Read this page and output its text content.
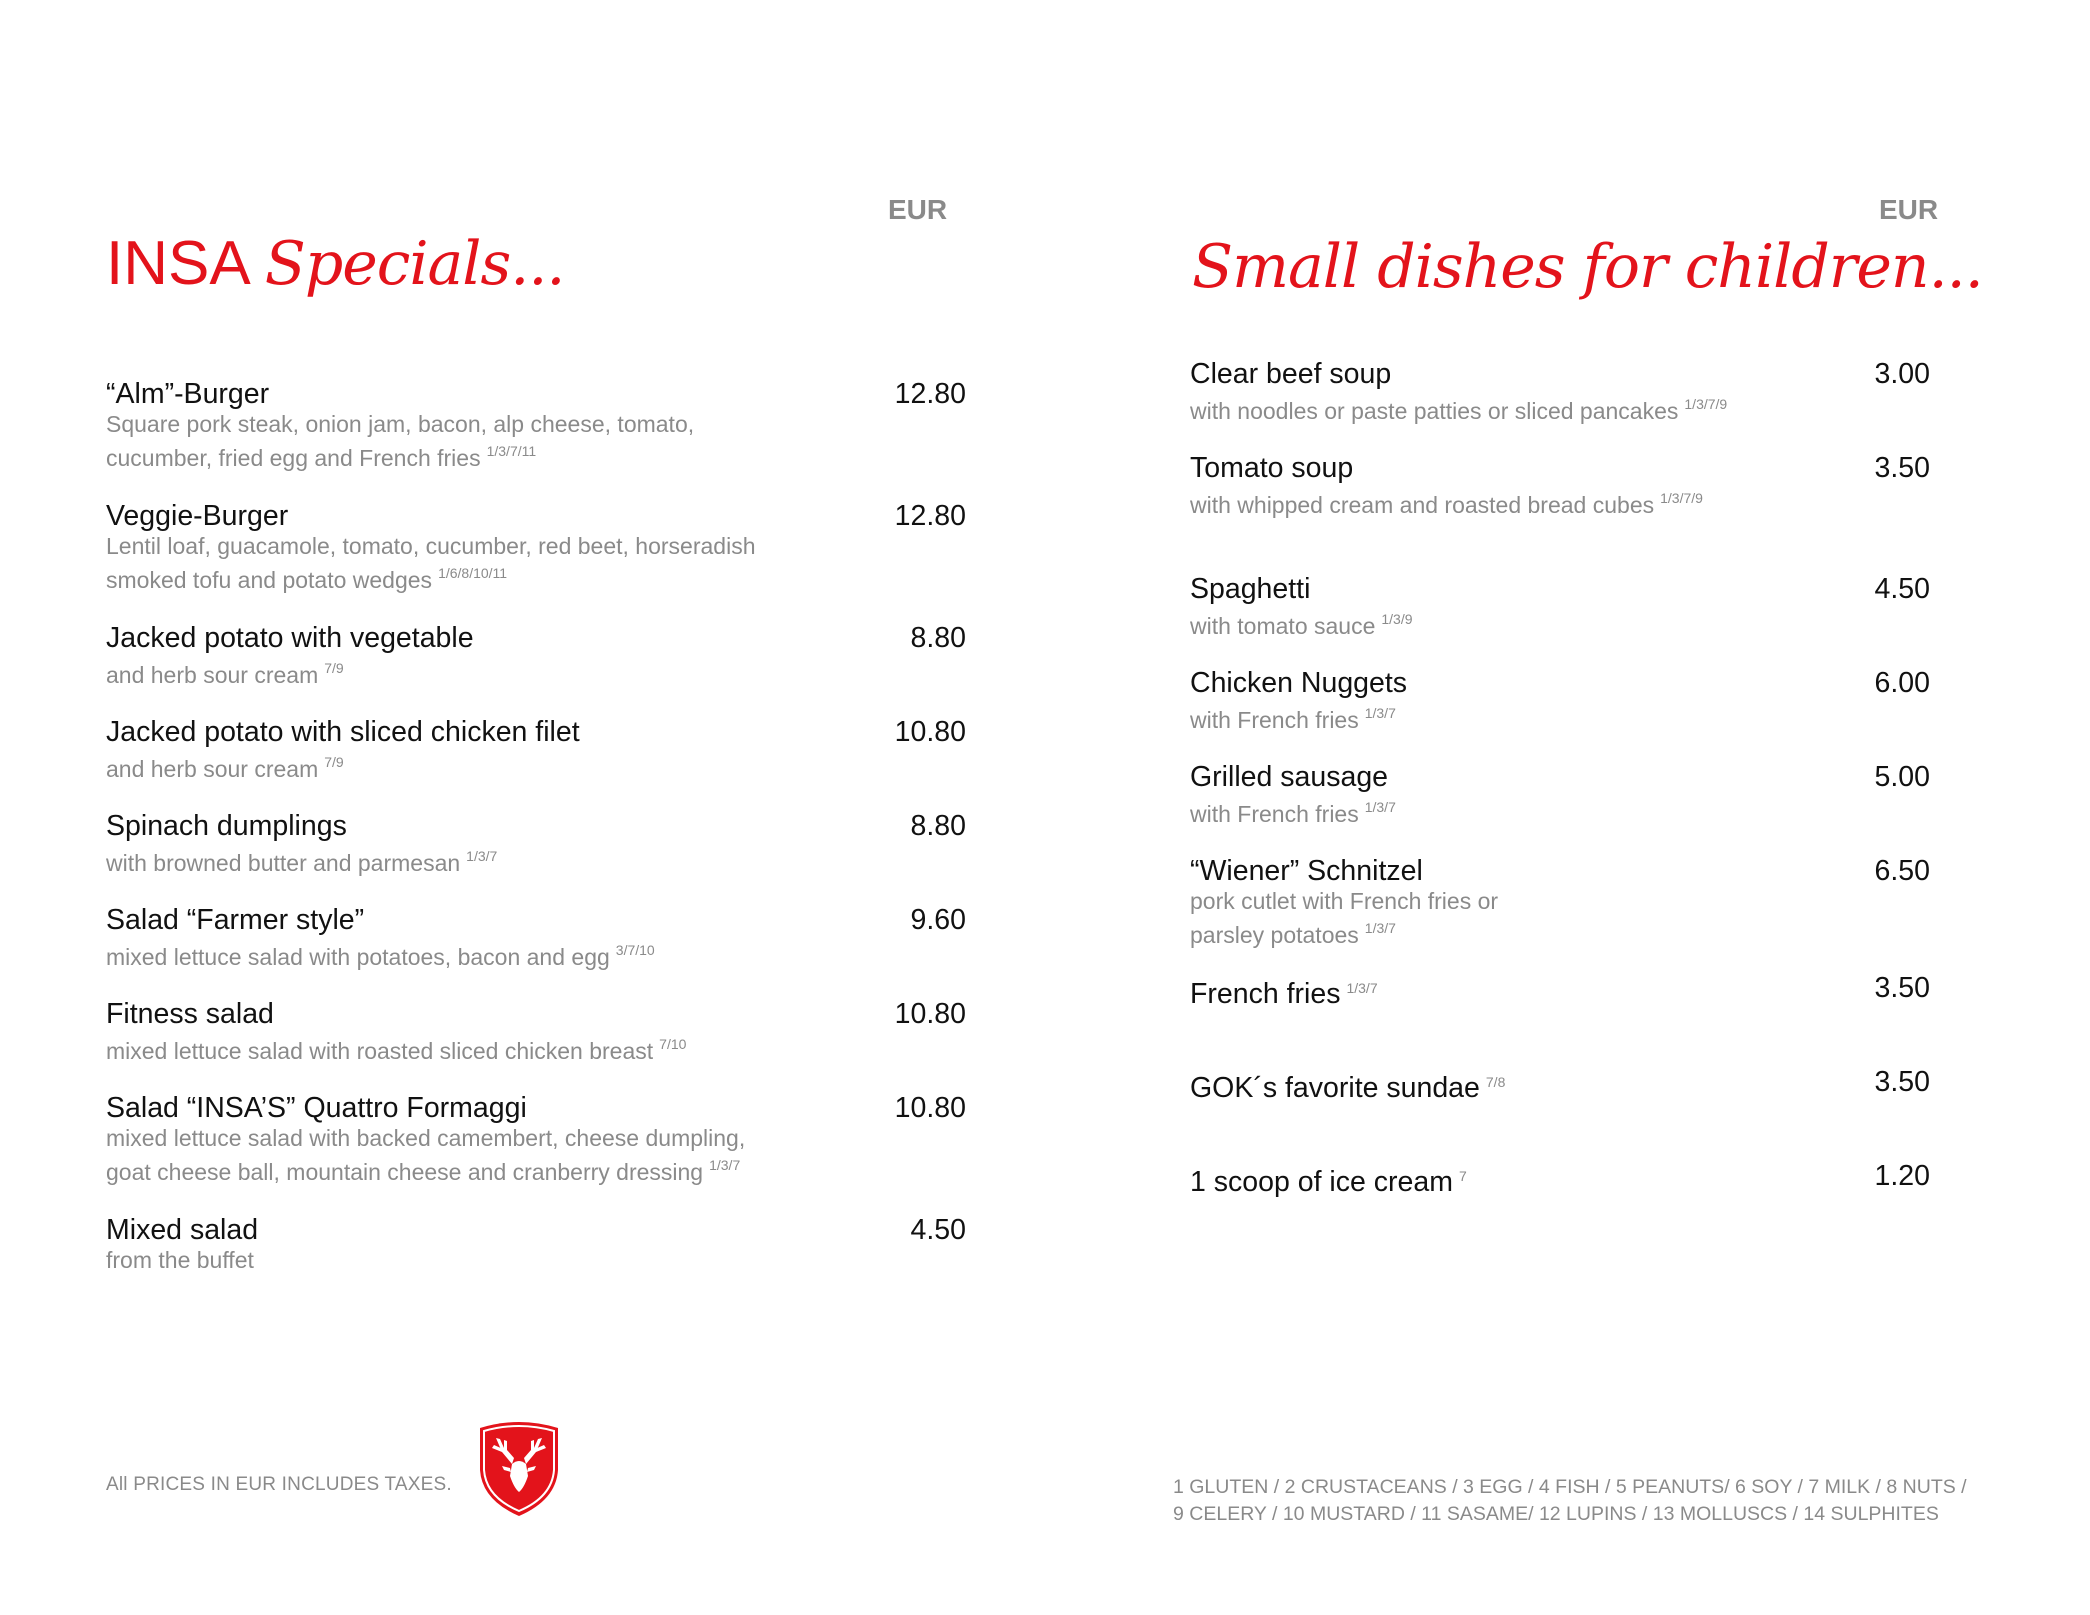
EUR
INSA Specials...
“Alm”-Burger	12.80
Square pork steak, onion jam, bacon, alp cheese, tomato,
cucumber, fried egg and French fries $^{1/3/7/11}$
Veggie-Burger	12.80
Lentil loaf, guacamole, tomato, cucumber, red beet, horseradish
smoked tofu and potato wedges $^{1/6/8/10/11}$
Jacked potato with vegetable	8.80
and herb sour cream $^{7/9}$
Jacked potato with sliced chicken filet	10.80
and herb sour cream $^{7/9}$
Spinach dumplings	8.80
with browned butter and parmesan $^{1/3/7}$
Salad “Farmer style”	9.60
mixed lettuce salad with potatoes, bacon and egg $^{3/7/10}$
Fitness salad	10.80
mixed lettuce salad with roasted sliced chicken breast $^{7/10}$
Salad “INSA’S” Quattro Formaggi	10.80
mixed lettuce salad with backed camembert, cheese dumpling,
goat cheese ball, mountain cheese and cranberry dressing $^{1/3/7}$
Mixed salad	4.50
from the buffet
EUR
Small dishes for children...
Clear beef soup	3.00
with noodles or paste patties or sliced pancakes $^{1/3/7/9}$
Tomato soup	3.50
with whipped cream and roasted bread cubes $^{1/3/7/9}$
Spaghetti	4.50
with tomato sauce $^{1/3/9}$
Chicken Nuggets	6.00
with French fries $^{1/3/7}$
Grilled sausage	5.00
with French fries $^{1/3/7}$
“Wiener” Schnitzel	6.50
pork cutlet with French fries or
parsley potatoes $^{1/3/7}$
French fries $^{1/3/7}$	3.50
GOK´s favorite sundae $^{7/8}$	3.50
1 scoop of ice cream $^7$	1.20
All PRICES IN EUR INCLUDES TAXES.	1 GLUTEN / 2 CRUSTACEANS / 3 EGG / 4 FISH / 5 PEANUTS/ 6 SOY / 7 MILK / 8 NUTS /
9 CELERY / 10 MUSTARD / 11 SASAME/ 12 LUPINS / 13 MOLLUSCS / 14 SULPHITES
